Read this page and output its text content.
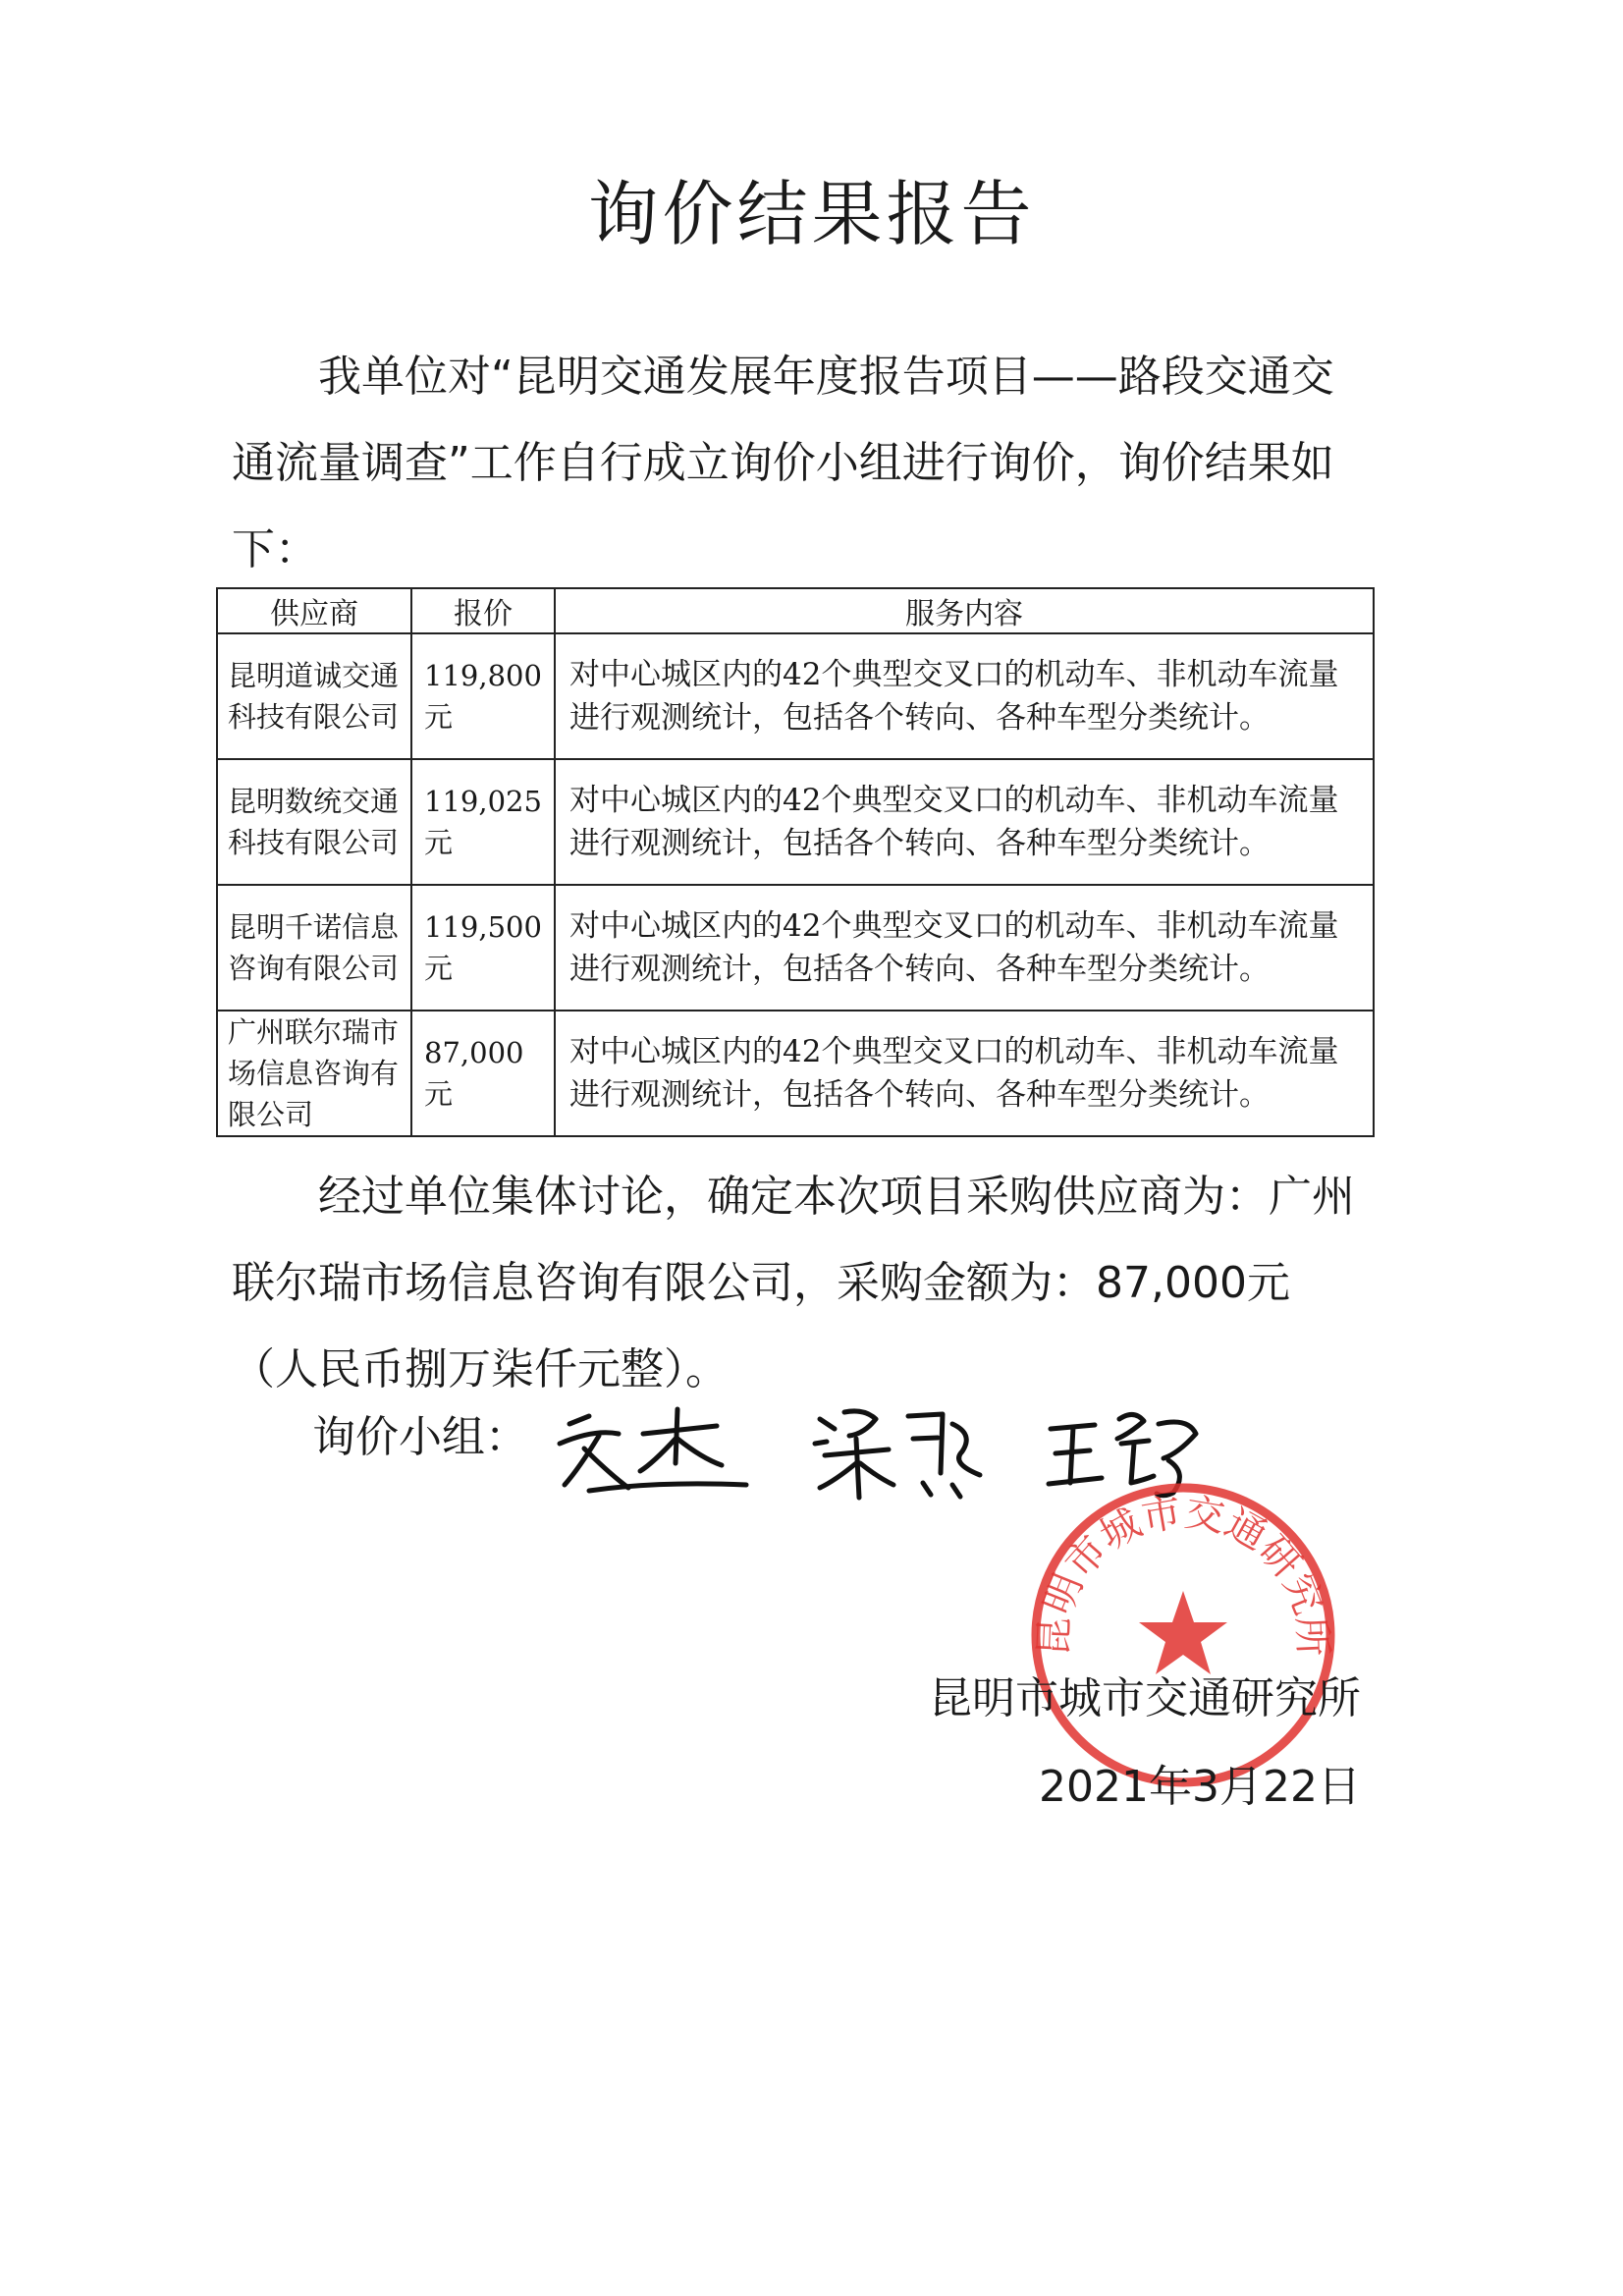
询价结果报告
我单位对“昆明交通发展年度报告项目——路段交通交通流量调查”工作自行成立询价小组进行询价，询价结果如下：
供应商	报价	服务内容
昆明道诚交通科技有限公司	119,800元	对中心城区内的42个典型交叉口的机动车、非机动车流量进行观测统计，包括各个转向、各种车型分类统计。
昆明数统交通科技有限公司	119,025元	对中心城区内的42个典型交叉口的机动车、非机动车流量进行观测统计，包括各个转向、各种车型分类统计。
昆明千诺信息咨询有限公司	119,500元	对中心城区内的42个典型交叉口的机动车、非机动车流量进行观测统计，包括各个转向、各种车型分类统计。
广州联尔瑞市场信息咨询有限公司	87,000元	对中心城区内的42个典型交叉口的机动车、非机动车流量进行观测统计，包括各个转向、各种车型分类统计。
经过单位集体讨论，确定本次项目采购供应商为：广州联尔瑞市场信息咨询有限公司，采购金额为：87,000元（人民币捌万柒仟元整）。
询价小组：
昆明市城市交通研究所
昆明市城市交通研究所
2021年3月22日
